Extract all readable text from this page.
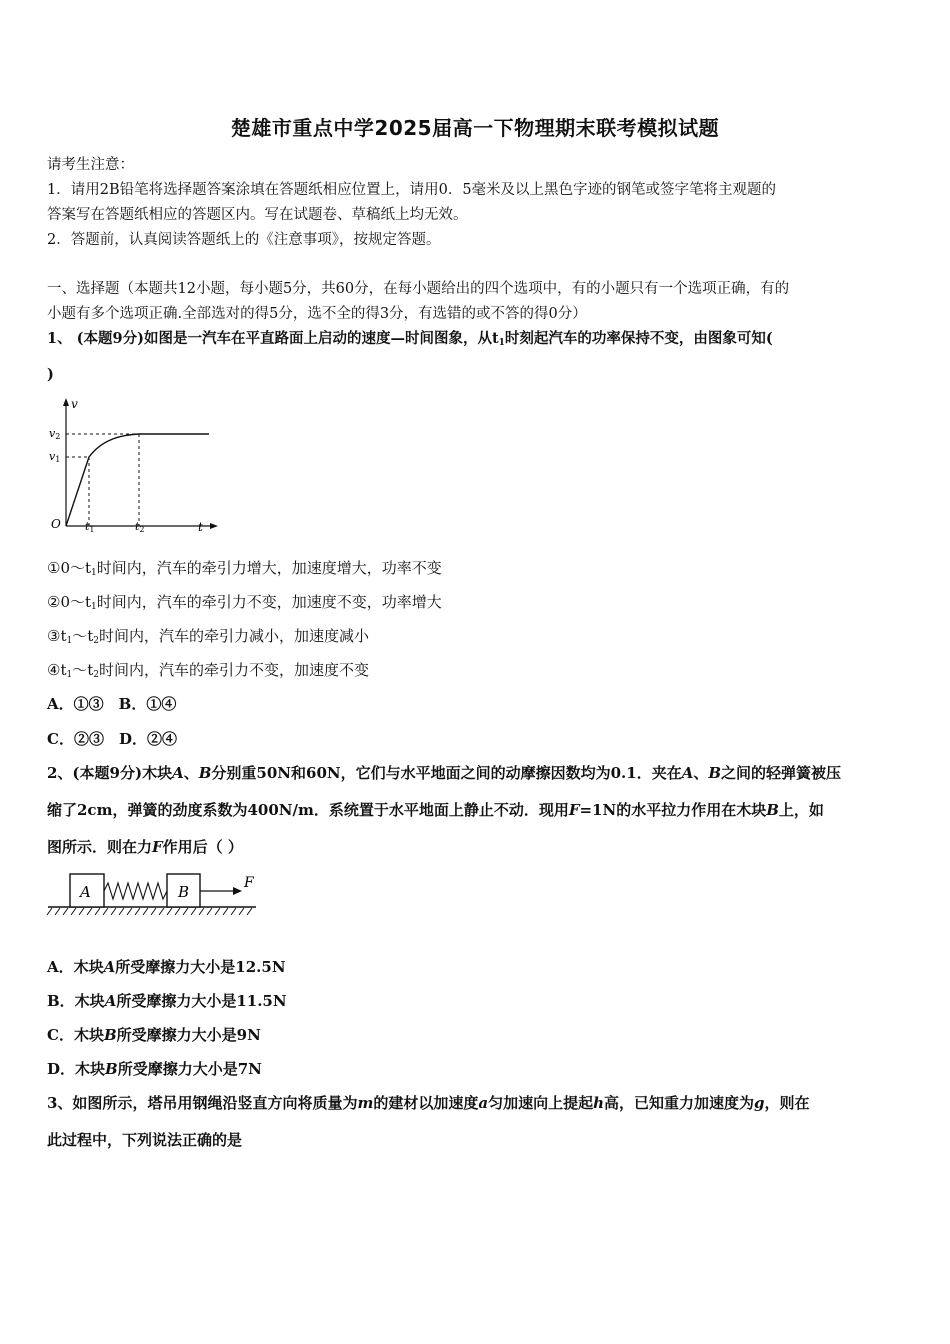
楚雄市重点中学2025届高一下物理期末联考模拟试题
请考生注意：
1．请用2B铅笔将选择题答案涂填在答题纸相应位置上，请用0．5毫米及以上黑色字迹的钢笔或签字笔将主观题的
答案写在答题纸相应的答题区内。写在试题卷、草稿纸上均无效。
2．答题前，认真阅读答题纸上的《注意事项》，按规定答题。
一、选择题（本题共12小题，每小题5分，共60分，在每小题给出的四个选项中，有的小题只有一个选项正确，有的
小题有多个选项正确.全部选对的得5分，选不全的得3分，有选错的或不答的得0分）
1、 (本题9分)如图是一汽车在平直路面上启动的速度—时间图象，从$t_1$时刻起汽车的功率保持不变，由图象可知(
)
v
t
O
v2
v1
t1	t2
$①0\sim t_1$时间内，汽车的牵引力增大，加速度增大，功率不变
$②0\sim t_1$时间内，汽车的牵引力不变，加速度不变，功率增大
$③t_1\sim t_2$时间内，汽车的牵引力减小，加速度减小
$④t_1\sim t_2$时间内，汽车的牵引力不变，加速度不变
A．①③　B．①④
C．②③　D．②④
2、(本题9分)木块A、B分别重50N和60N，它们与水平地面之间的动摩擦因数均为0.1．夹在A、B之间的轻弹簧被压
缩了2cm，弹簧的劲度系数为400N/m．系统置于水平地面上静止不动．现用F=1N的水平拉力作用在木块B上，如
图所示．则在力F作用后（ ）
A	B	F
A．木块A所受摩擦力大小是12.5N
B．木块A所受摩擦力大小是11.5N
C．木块B所受摩擦力大小是9N
D．木块B所受摩擦力大小是7N
3、如图所示，塔吊用钢绳沿竖直方向将质量为m的建材以加速度a匀加速向上提起h高，已知重力加速度为g，则在
此过程中，下列说法正确的是
